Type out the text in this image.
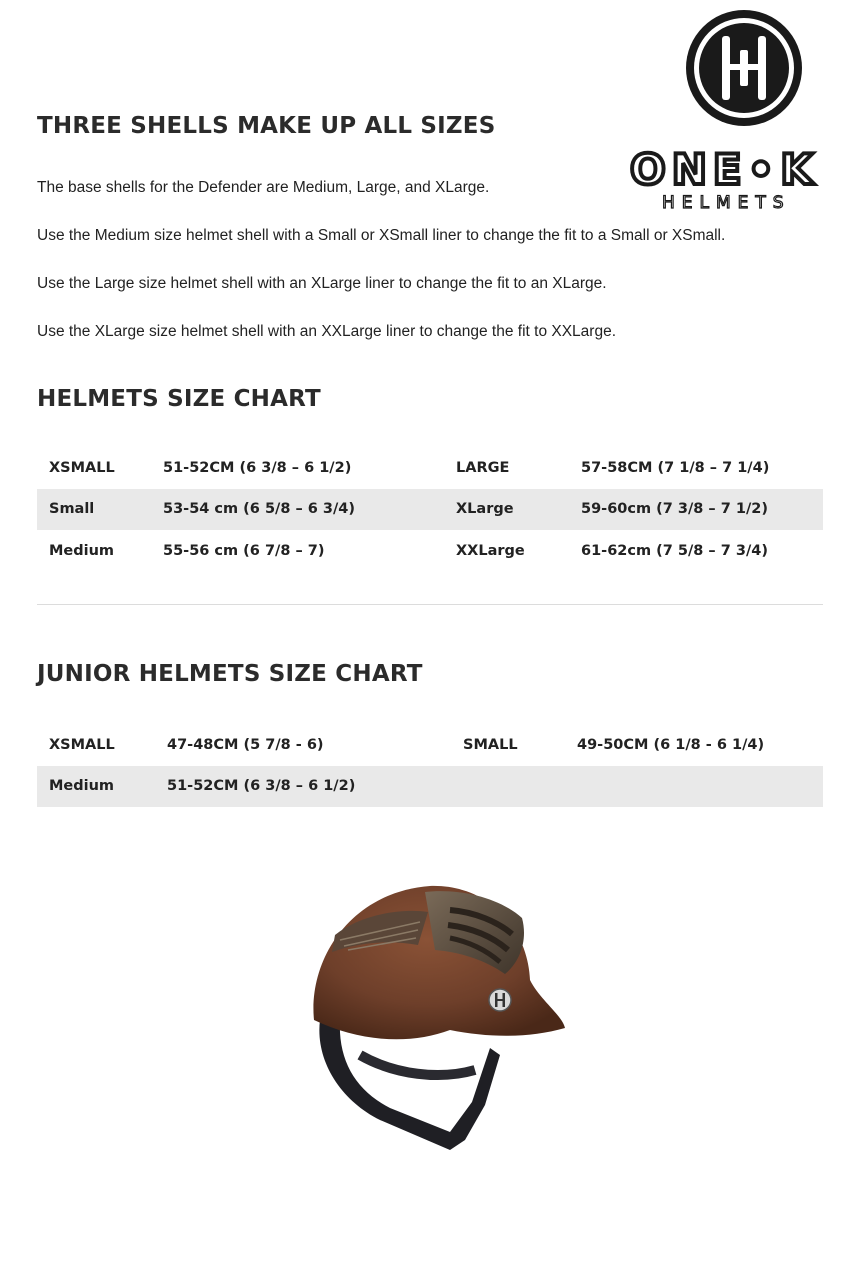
ONE•K
HELMETS
THREE SHELLS MAKE UP ALL SIZES

The base shells for the Defender are Medium, Large, and XLarge.

Use the Medium size helmet shell with a Small or XSmall liner to change the fit to a Small or XSmall.

Use the Large size helmet shell with an XLarge liner to change the fit to an XLarge.

Use the XLarge size helmet shell with an XXLarge liner to change the fit to XXLarge.

HELMETS SIZE CHART
XSMALL	51-52CM (6 3/8 – 6 1/2)	LARGE	57-58CM (7 1/8 – 7 1/4)
Small	53-54 cm (6 5/8 – 6 3/4)	XLarge	59-60cm (7 3/8 – 7 1/2)
Medium	55-56 cm (6 7/8 – 7)	XXLarge	61-62cm (7 5/8 – 7 3/4)
JUNIOR HELMETS SIZE CHART
XSMALL	47-48CM (5 7/8 - 6)	SMALL	49-50CM (6 1/8 - 6 1/4)
Medium	51-52CM (6 3/8 – 6 1/2)		
